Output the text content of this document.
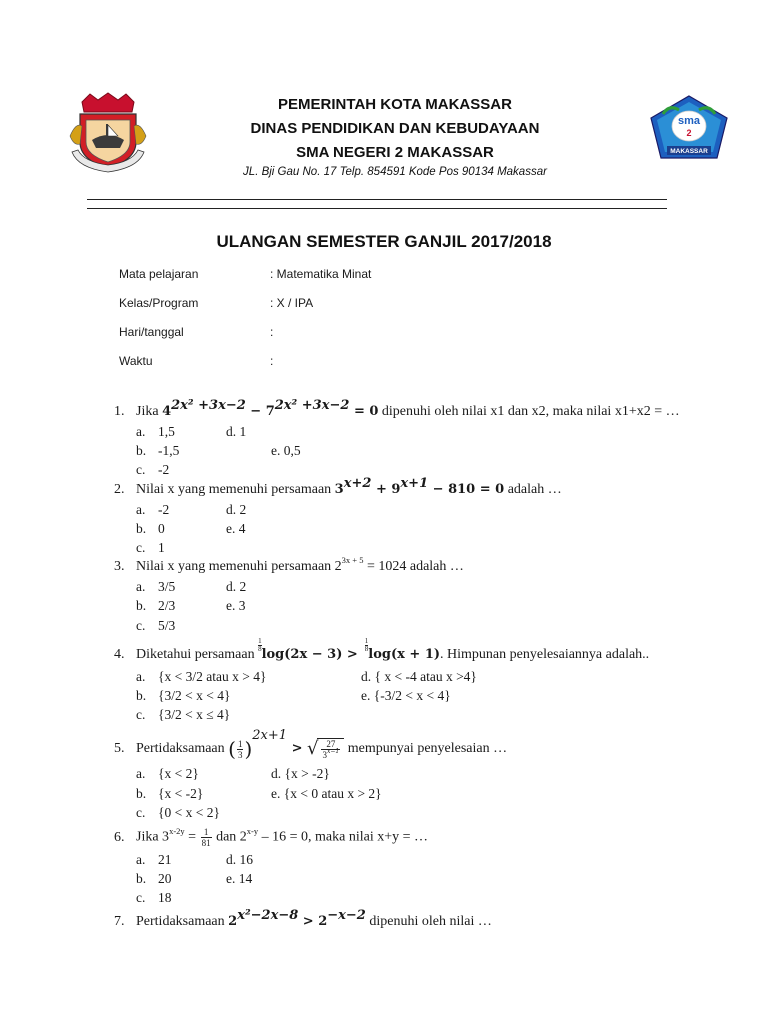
sma
2
MAKASSAR
PEMERINTAH KOTA MAKASSAR
DINAS PENDIDIKAN DAN KEBUDAYAAN
SMA NEGERI 2 MAKASSAR
JL. Bji Gau No. 17 Telp. 854591 Kode Pos 90134 Makassar
ULANGAN SEMESTER GANJIL 2017/2018
Mata pelajaran	: Matematika Minat
Kelas/Program	: X / IPA
Hari/tanggal	:
Waktu	:
1. Jika $4^{2x^2 +3x-2} - 7^{2x^2 +3x-2} = 0$ dipenuhi oleh nilai x1 dan x2, maka nilai x1+x2 = …
a. 1,5	d. 1
b. -1,5	e. 0,5
c. -2
2. Nilai x yang memenuhi persamaan $3^{x+2} + 9^{x+1} - 810 = 0$ adalah …
a. -2	d. 2
b. 0	e. 4
c. 1
3. Nilai x yang memenuhi persamaan $2^{3x + 5} = 1024$ adalah …
a. 3/5	d. 2
b. 2/3	e. 3
c. 5/3
4. Diketahui persamaan
$\frac{1}{8}\log(2x - 3)$ >
$\frac{1}{8}\log(x + 1)$. Himpunan penyelesaiannya adalah..
a. {x < 3/2 atau x > 4}	d. { x < -4 atau x >4}
b. {3/2 < x < 4}	e. {-3/2 < x < 4}
c. {3/2 < x ≤ 4}
5. Pertidaksamaan ( $\frac{1}{3} )^{2x+1}$ > √ $\frac{27}{3^{x-1}}$ mempunyai penyelesaian …
a. {x < 2}	d. {x > -2}
b. {x < -2}	e. {x < 0 atau x > 2}
c. {0 < x < 2}
6. Jika $3^{x-2y} = \frac{1}{81}$ dan 2$^{x-y}$ – 16 = 0, maka nilai x+y = …
a. 21	d. 16
b. 20	e. 14
c. 18
7. Pertidaksamaan $2^{x^2-2x-8} > 2^{-x-2}$ dipenuhi oleh nilai …
